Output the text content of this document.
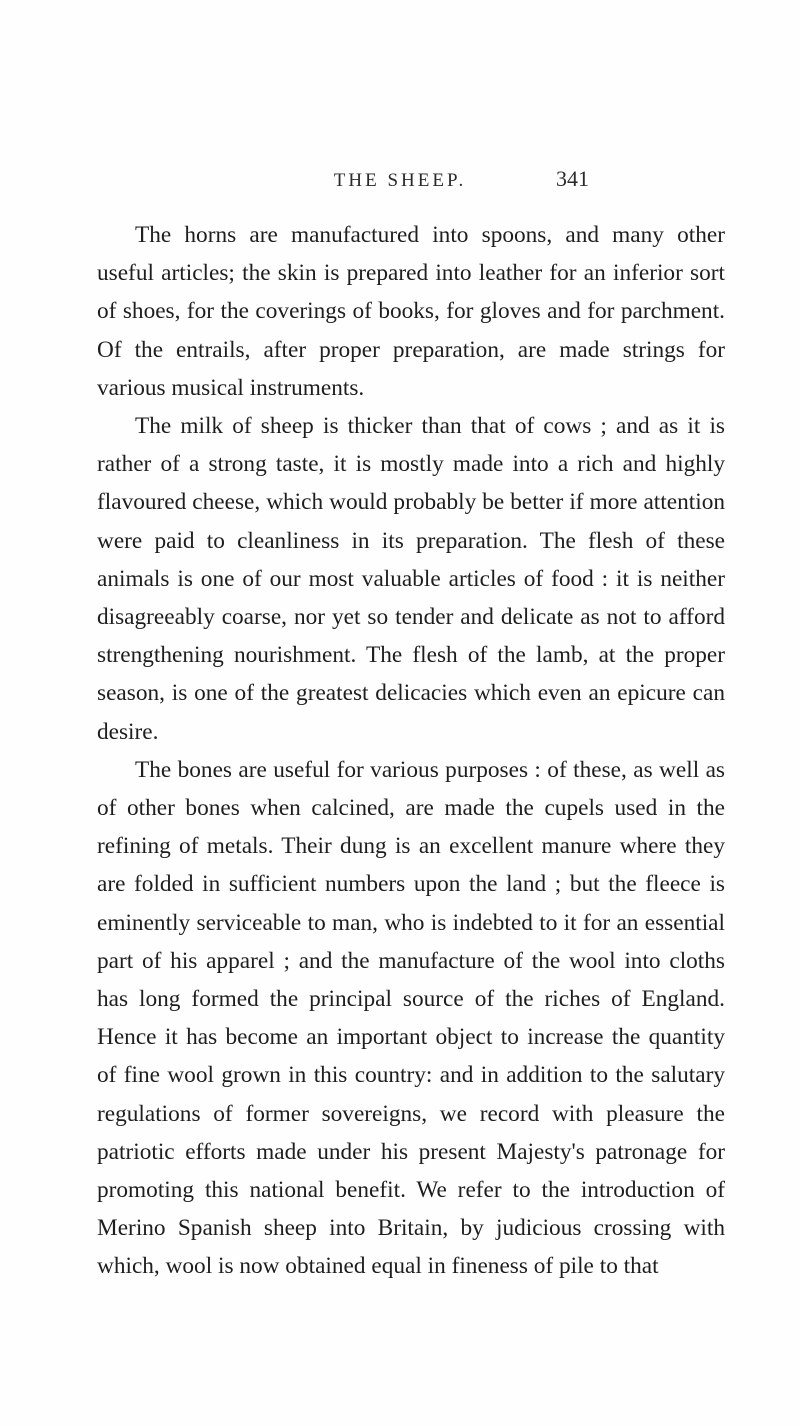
THE SHEEP.	341

The horns are manufactured into spoons, and many other useful articles; the skin is prepared into leather for an inferior sort of shoes, for the coverings of books, for gloves and for parchment. Of the entrails, after proper preparation, are made strings for various musical instruments.

The milk of sheep is thicker than that of cows ; and as it is rather of a strong taste, it is mostly made into a rich and highly flavoured cheese, which would probably be better if more attention were paid to cleanliness in its preparation. The flesh of these animals is one of our most valuable articles of food : it is neither disagreeably coarse, nor yet so tender and delicate as not to afford strengthening nourishment. The flesh of the lamb, at the proper season, is one of the greatest delicacies which even an epicure can desire.

The bones are useful for various purposes : of these, as well as of other bones when calcined, are made the cupels used in the refining of metals. Their dung is an excellent manure where they are folded in sufficient numbers upon the land ; but the fleece is eminently serviceable to man, who is indebted to it for an essential part of his apparel ; and the manufacture of the wool into cloths has long formed the principal source of the riches of England. Hence it has become an important object to increase the quantity of fine wool grown in this country: and in addition to the salutary regulations of former sovereigns, we record with pleasure the patriotic efforts made under his present Majesty's patronage for promoting this national benefit. We refer to the introduction of Merino Spanish sheep into Britain, by judicious crossing with which, wool is now obtained equal in fineness of pile to that
